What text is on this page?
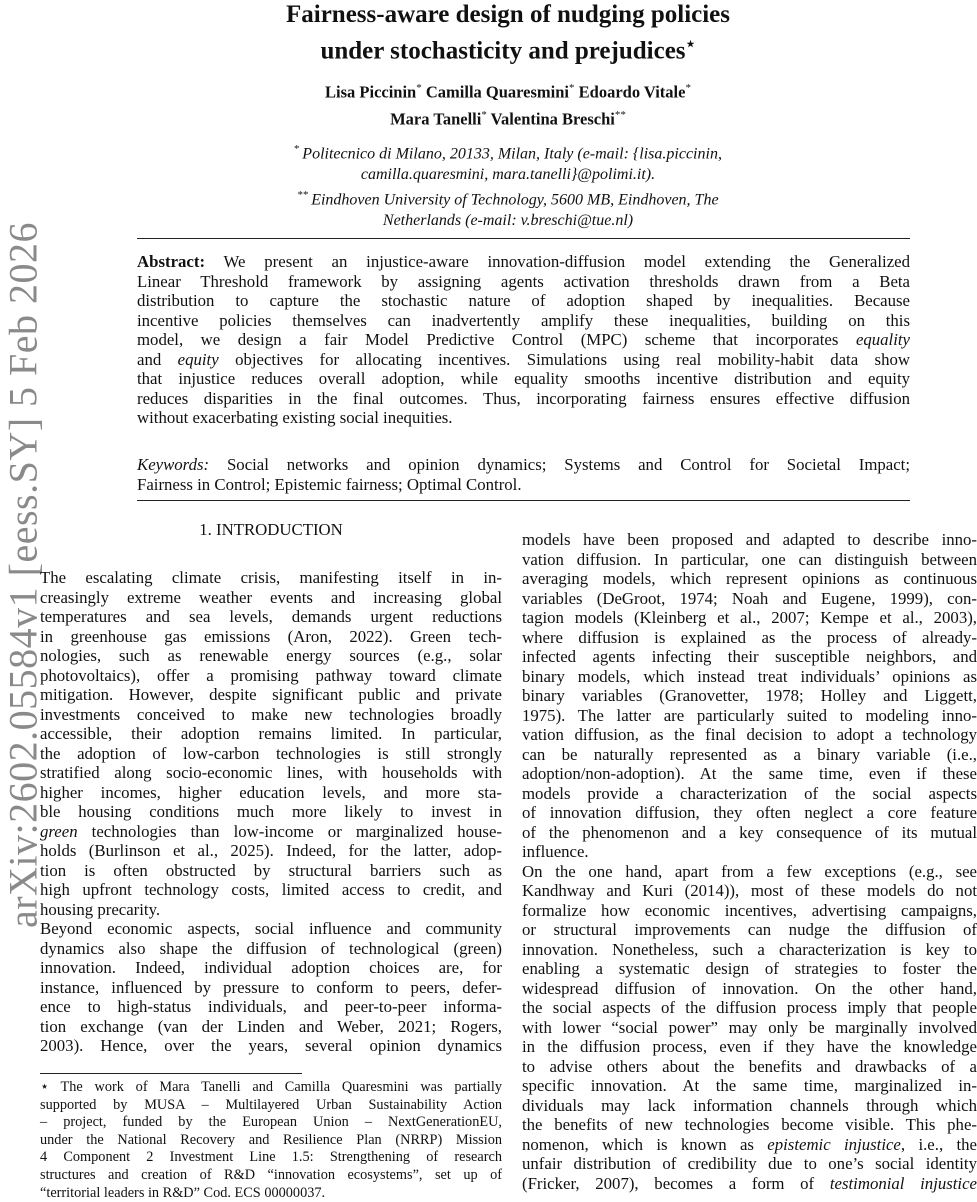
arXiv:2602.05584v1 [eess.SY] 5 Feb 2026
Fairness-aware design of nudging policies
under stochasticity and prejudices⋆
Lisa Piccinin* Camilla Quaresmini* Edoardo Vitale*
Mara Tanelli* Valentina Breschi**
* Politecnico di Milano, 20133, Milan, Italy (e-mail: {lisa.piccinin,
camilla.quaresmini, mara.tanelli}@polimi.it).
** Eindhoven University of Technology, 5600 MB, Eindhoven, The
Netherlands (e-mail: v.breschi@tue.nl)
Abstract: We present an injustice-aware innovation-diffusion model extending the Generalized
Linear Threshold framework by assigning agents activation thresholds drawn from a Beta
distribution to capture the stochastic nature of adoption shaped by inequalities. Because
incentive policies themselves can inadvertently amplify these inequalities, building on this
model, we design a fair Model Predictive Control (MPC) scheme that incorporates equality
and equity objectives for allocating incentives. Simulations using real mobility-habit data show
that injustice reduces overall adoption, while equality smooths incentive distribution and equity
reduces disparities in the final outcomes. Thus, incorporating fairness ensures effective diffusion
without exacerbating existing social inequities.
Keywords: Social networks and opinion dynamics; Systems and Control for Societal Impact;
Fairness in Control; Epistemic fairness; Optimal Control.
1. INTRODUCTION
The escalating climate crisis, manifesting itself in in-
creasingly extreme weather events and increasing global
temperatures and sea levels, demands urgent reductions
in greenhouse gas emissions (Aron, 2022). Green tech-
nologies, such as renewable energy sources (e.g., solar
photovoltaics), offer a promising pathway toward climate
mitigation. However, despite significant public and private
investments conceived to make new technologies broadly
accessible, their adoption remains limited. In particular,
the adoption of low-carbon technologies is still strongly
stratified along socio-economic lines, with households with
higher incomes, higher education levels, and more sta-
ble housing conditions much more likely to invest in
green technologies than low-income or marginalized house-
holds (Burlinson et al., 2025). Indeed, for the latter, adop-
tion is often obstructed by structural barriers such as
high upfront technology costs, limited access to credit, and
housing precarity.
Beyond economic aspects, social influence and community
dynamics also shape the diffusion of technological (green)
innovation. Indeed, individual adoption choices are, for
instance, influenced by pressure to conform to peers, defer-
ence to high-status individuals, and peer-to-peer informa-
tion exchange (van der Linden and Weber, 2021; Rogers,
2003). Hence, over the years, several opinion dynamics
⋆ The work of Mara Tanelli and Camilla Quaresmini was partially
supported by MUSA – Multilayered Urban Sustainability Action
– project, funded by the European Union – NextGenerationEU,
under the National Recovery and Resilience Plan (NRRP) Mission
4 Component 2 Investment Line 1.5: Strengthening of research
structures and creation of R&D “innovation ecosystems”, set up of
“territorial leaders in R&D” Cod. ECS 00000037.
models have been proposed and adapted to describe inno-
vation diffusion. In particular, one can distinguish between
averaging models, which represent opinions as continuous
variables (DeGroot, 1974; Noah and Eugene, 1999), con-
tagion models (Kleinberg et al., 2007; Kempe et al., 2003),
where diffusion is explained as the process of already-
infected agents infecting their susceptible neighbors, and
binary models, which instead treat individuals’ opinions as
binary variables (Granovetter, 1978; Holley and Liggett,
1975). The latter are particularly suited to modeling inno-
vation diffusion, as the final decision to adopt a technology
can be naturally represented as a binary variable (i.e.,
adoption/non-adoption). At the same time, even if these
models provide a characterization of the social aspects
of innovation diffusion, they often neglect a core feature
of the phenomenon and a key consequence of its mutual
influence.
On the one hand, apart from a few exceptions (e.g., see
Kandhway and Kuri (2014)), most of these models do not
formalize how economic incentives, advertising campaigns,
or structural improvements can nudge the diffusion of
innovation. Nonetheless, such a characterization is key to
enabling a systematic design of strategies to foster the
widespread diffusion of innovation. On the other hand,
the social aspects of the diffusion process imply that people
with lower “social power” may only be marginally involved
in the diffusion process, even if they have the knowledge
to advise others about the benefits and drawbacks of a
specific innovation. At the same time, marginalized in-
dividuals may lack information channels through which
the benefits of new technologies become visible. This phe-
nomenon, which is known as epistemic injustice, i.e., the
unfair distribution of credibility due to one’s social identity
(Fricker, 2007), becomes a form of testimonial injustice
